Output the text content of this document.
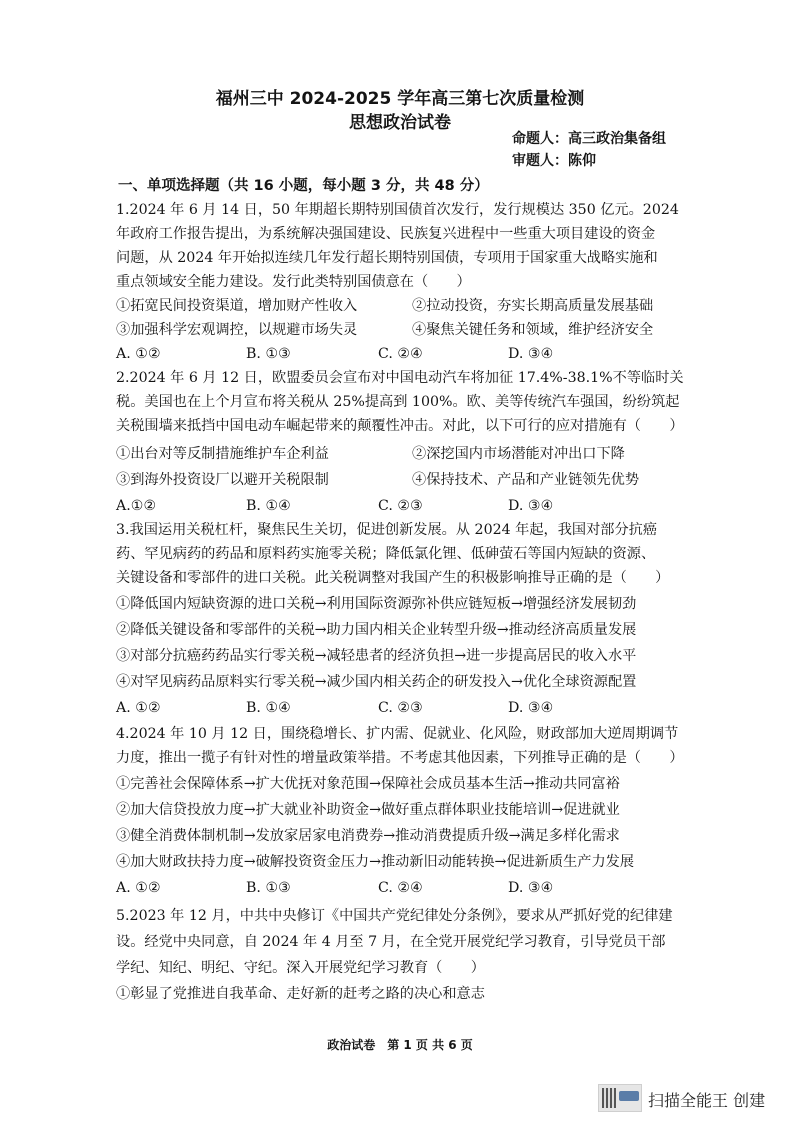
福州三中 2024-2025 学年高三第七次质量检测
思想政治试卷
命题人：高三政治集备组
审题人：陈仰
一、单项选择题（共 16 小题，每小题 3 分，共 48 分）
1.2024 年 6 月 14 日，50 年期超长期特别国债首次发行，发行规模达 350 亿元。2024
年政府工作报告提出，为系统解决强国建设、民族复兴进程中一些重大项目建设的资金
问题，从 2024 年开始拟连续几年发行超长期特别国债，专项用于国家重大战略实施和
重点领域安全能力建设。发行此类特别国债意在（　　）
①拓宽民间投资渠道，增加财产性收入	②拉动投资，夯实长期高质量发展基础
③加强科学宏观调控，以规避市场失灵	④聚焦关键任务和领域，维护经济安全
A. ①②	B. ①③	C. ②④	D. ③④
2.2024 年 6 月 12 日，欧盟委员会宣布对中国电动汽车将加征 17.4%-38.1%不等临时关
税。美国也在上个月宣布将关税从 25%提高到 100%。欧、美等传统汽车强国，纷纷筑起
关税围墙来抵挡中国电动车崛起带来的颠覆性冲击。对此，以下可行的应对措施有（　　）
①出台对等反制措施维护车企利益	②深挖国内市场潜能对冲出口下降
③到海外投资设厂以避开关税限制	④保持技术、产品和产业链领先优势
A.①②	B. ①④	C. ②③	D. ③④
3.我国运用关税杠杆，聚焦民生关切，促进创新发展。从 2024 年起，我国对部分抗癌
药、罕见病药的药品和原料药实施零关税；降低氯化锂、低砷萤石等国内短缺的资源、
关键设备和零部件的进口关税。此关税调整对我国产生的积极影响推导正确的是（　　）
①降低国内短缺资源的进口关税→利用国际资源弥补供应链短板→增强经济发展韧劲
②降低关键设备和零部件的关税→助力国内相关企业转型升级→推动经济高质量发展
③对部分抗癌药药品实行零关税→减轻患者的经济负担→进一步提高居民的收入水平
④对罕见病药品原料实行零关税→减少国内相关药企的研发投入→优化全球资源配置
A. ①②	B. ①④	C. ②③	D. ③④
4.2024 年 10 月 12 日，围绕稳增长、扩内需、促就业、化风险，财政部加大逆周期调节
力度，推出一揽子有针对性的增量政策举措。不考虑其他因素，下列推导正确的是（　　）
①完善社会保障体系→扩大优抚对象范围→保障社会成员基本生活→推动共同富裕
②加大信贷投放力度→扩大就业补助资金→做好重点群体职业技能培训→促进就业
③健全消费体制机制→发放家居家电消费券→推动消费提质升级→满足多样化需求
④加大财政扶持力度→破解投资资金压力→推动新旧动能转换→促进新质生产力发展
A. ①②	B. ①③	C. ②④	D. ③④
5.2023 年 12 月，中共中央修订《中国共产党纪律处分条例》，要求从严抓好党的纪律建
设。经党中央同意，自 2024 年 4 月至 7 月，在全党开展党纪学习教育，引导党员干部
学纪、知纪、明纪、守纪。深入开展党纪学习教育（　　）
①彰显了党推进自我革命、走好新的赶考之路的决心和意志
政治试卷　第 1 页 共 6 页
扫描全能王 创建
